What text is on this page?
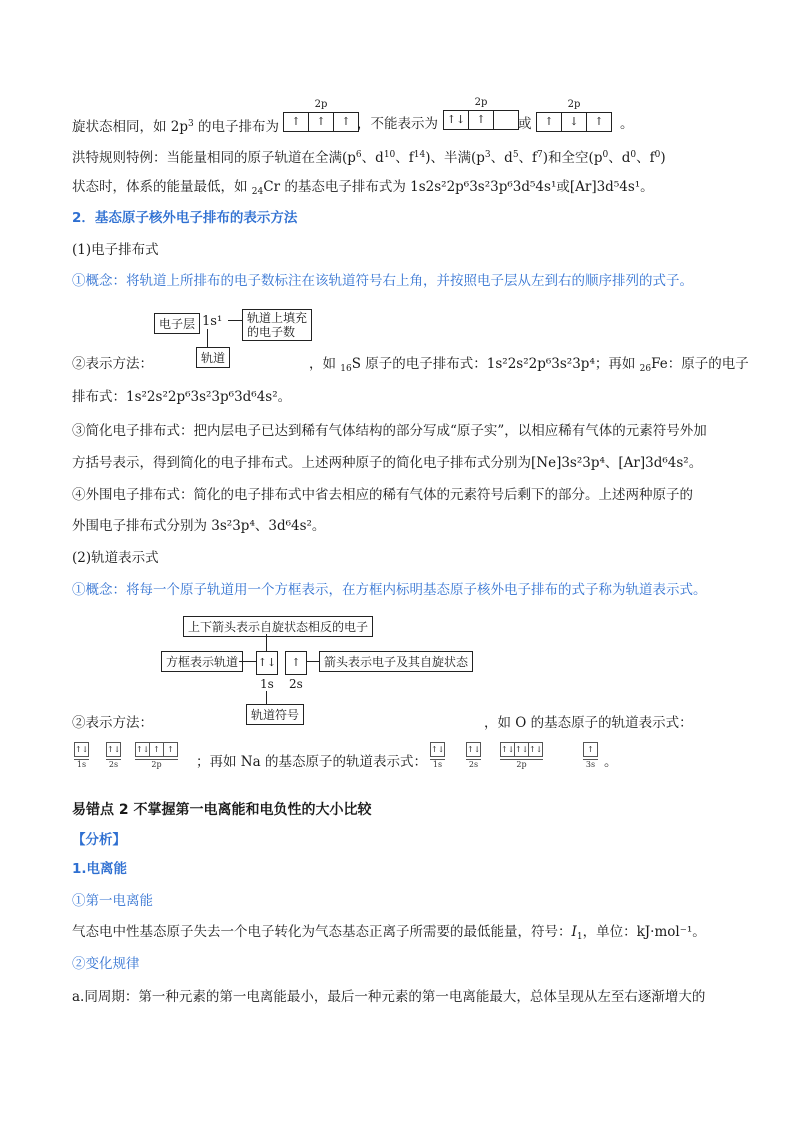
旋状态相同，如 $2p^3$ 的电子排布为
2p
↑	↑	↑ ，不能表示为
2p
↑↓	↑	或
2p
↑	↓	↑	。
洪特规则特例：当能量相同的原子轨道在全满($p^6$、$d^{10}$、$f^{14}$)、半满($p^3$、$d^5$、$f^7$)和全空($p^0$、$d^0$、$f^0$)
状态时，体系的能量最低，如 $_{24}$Cr 的基态电子排布式为 1s2s²2p⁶3s²3p⁶3d⁵4s¹或[Ar]3d⁵4s¹。
2．基态原子核外电子排布的表示方法
(1)电子排布式
①概念：将轨道上所排布的电子数标注在该轨道符号右上角，并按照电子层从左到右的顺序排列的式子。
电子层 1s¹ 轨道上填充
的电子数
轨道
②表示方法：	，如 $_{16}$S 原子的电子排布式：1s²2s²2p⁶3s²3p⁴；再如 $_{26}$Fe：原子的电子
排布式：1s²2s²2p⁶3s²3p⁶3d⁶4s²。
③简化电子排布式：把内层电子已达到稀有气体结构的部分写成“原子实”，以相应稀有气体的元素符号外加
方括号表示，得到简化的电子排布式。上述两种原子的简化电子排布式分别为[Ne]3s²3p⁴、[Ar]3d⁶4s²。
④外围电子排布式：简化的电子排布式中省去相应的稀有气体的元素符号后剩下的部分。上述两种原子的
外围电子排布式分别为 3s²3p⁴、3d⁶4s²。
(2)轨道表示式
①概念：将每一个原子轨道用一个方框表示，在方框内标明基态原子核外电子排布的式子称为轨道表示式。
上下箭头表示自旋状态相反的电子
方框表示轨道	箭头表示电子及其自旋状态
↑↓	↑
1s 2s
轨道符号
②表示方法：	，如 O 的基态原子的轨道表示式：
↑↓
1s
↑↓
2s
↑↓ ↑ ↑
2p	；再如 Na 的基态原子的轨道表示式：
↑↓
1s
↑↓
2s
↑↓ ↑↓ ↑↓
2p
↑
3s 。
易错点 2 不掌握第一电离能和电负性的大小比较
【分析】
1.电离能
①第一电离能
气态电中性基态原子失去一个电子转化为气态基态正离子所需要的最低能量，符号：$I_1$，单位：kJ·mol⁻¹。
②变化规律
a.同周期：第一种元素的第一电离能最小，最后一种元素的第一电离能最大，总体呈现从左至右逐渐增大的
